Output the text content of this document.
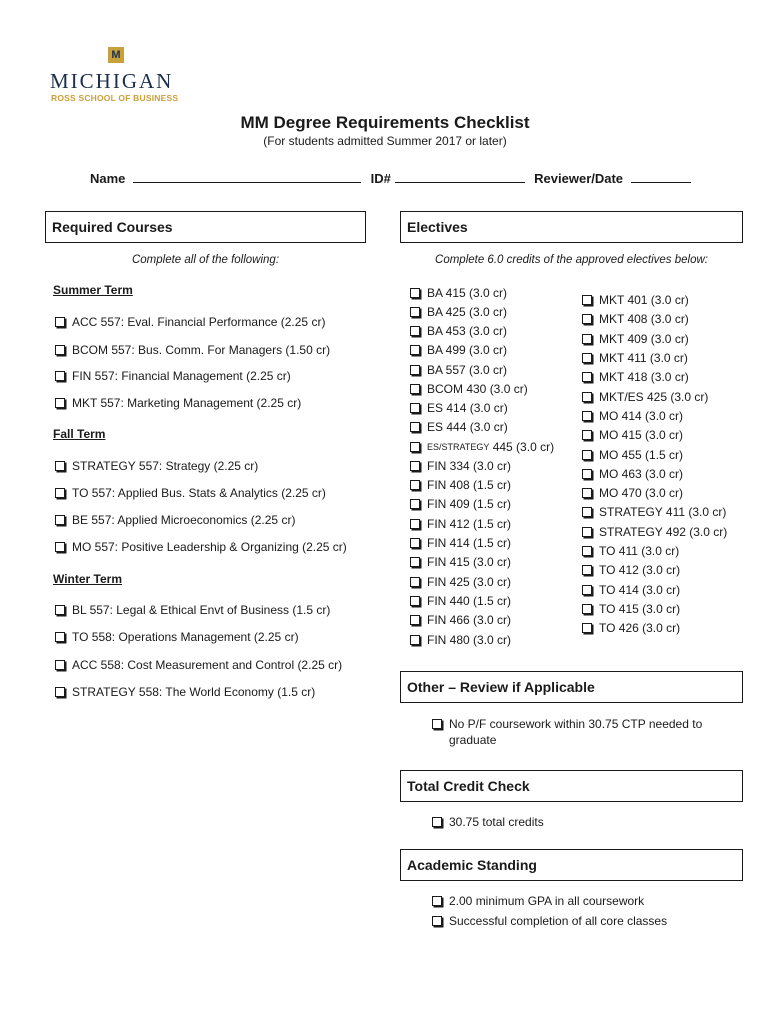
M
MICHIGAN
ROSS SCHOOL OF BUSINESS
MM Degree Requirements Checklist
(For students admitted Summer 2017 or later)
Name	ID#	Reviewer/Date
Required Courses
Complete all of the following:
Summer Term
ACC 557: Eval. Financial Performance (2.25 cr)
BCOM 557: Bus. Comm. For Managers (1.50 cr)
FIN 557: Financial Management (2.25 cr)
MKT 557: Marketing Management (2.25 cr)
Fall Term
STRATEGY 557: Strategy (2.25 cr)
TO 557: Applied Bus. Stats & Analytics (2.25 cr)
BE 557: Applied Microeconomics (2.25 cr)
MO 557: Positive Leadership & Organizing (2.25 cr)
Winter Term
BL 557: Legal & Ethical Envt of Business (1.5 cr)
TO 558: Operations Management (2.25 cr)
ACC 558: Cost Measurement and Control (2.25 cr)
STRATEGY 558: The World Economy (1.5 cr)
Electives
Complete 6.0 credits of the approved electives below:
BA 415 (3.0 cr)
BA 425 (3.0 cr)
BA 453 (3.0 cr)
BA 499 (3.0 cr)
BA 557 (3.0 cr)
BCOM 430 (3.0 cr)
ES 414 (3.0 cr)
ES 444 (3.0 cr)
ES/STRATEGY
445 (3.0 cr)
FIN 334 (3.0 cr)
FIN 408 (1.5 cr)
FIN 409 (1.5 cr)
FIN 412 (1.5 cr)
FIN 414 (1.5 cr)
FIN 415 (3.0 cr)
FIN 425 (3.0 cr)
FIN 440 (1.5 cr)
FIN 466 (3.0 cr)
FIN 480 (3.0 cr)
MKT 401 (3.0 cr)
MKT 408 (3.0 cr)
MKT 409 (3.0 cr)
MKT 411 (3.0 cr)
MKT 418 (3.0 cr)
MKT/ES 425 (3.0 cr)
MO 414 (3.0 cr)
MO 415 (3.0 cr)
MO 455 (1.5 cr)
MO 463 (3.0 cr)
MO 470 (3.0 cr)
STRATEGY 411 (3.0 cr)
STRATEGY 492 (3.0 cr)
TO 411 (3.0 cr)
TO 412 (3.0 cr)
TO 414 (3.0 cr)
TO 415 (3.0 cr)
TO 426 (3.0 cr)
Other – Review if Applicable
No P/F coursework within 30.75 CTP needed to graduate
Total Credit Check
30.75 total credits
Academic Standing
2.00 minimum GPA in all coursework
Successful completion of all core classes
